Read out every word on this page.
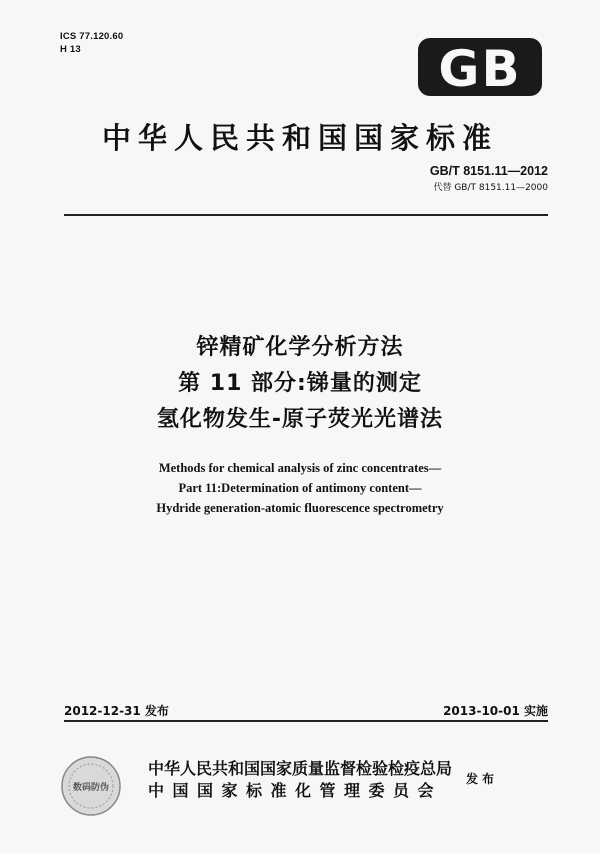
ICS 77.120.60
H 13	GB
中华人民共和国国家标准
GB/T 8151.11—2012
代替 GB/T 8151.11—2000
锌精矿化学分析方法
第 11 部分:锑量的测定
氢化物发生-原子荧光光谱法
Methods for chemical analysis of zinc concentrates—
Part 11:Determination of antimony content—
Hydride generation-atomic fluorescence spectrometry
2012-12-31 发布	2013-10-01 实施
数码防伪
中华人民共和国国家质量监督检验检疫总局
中国国家标准化管理委员会
发布
